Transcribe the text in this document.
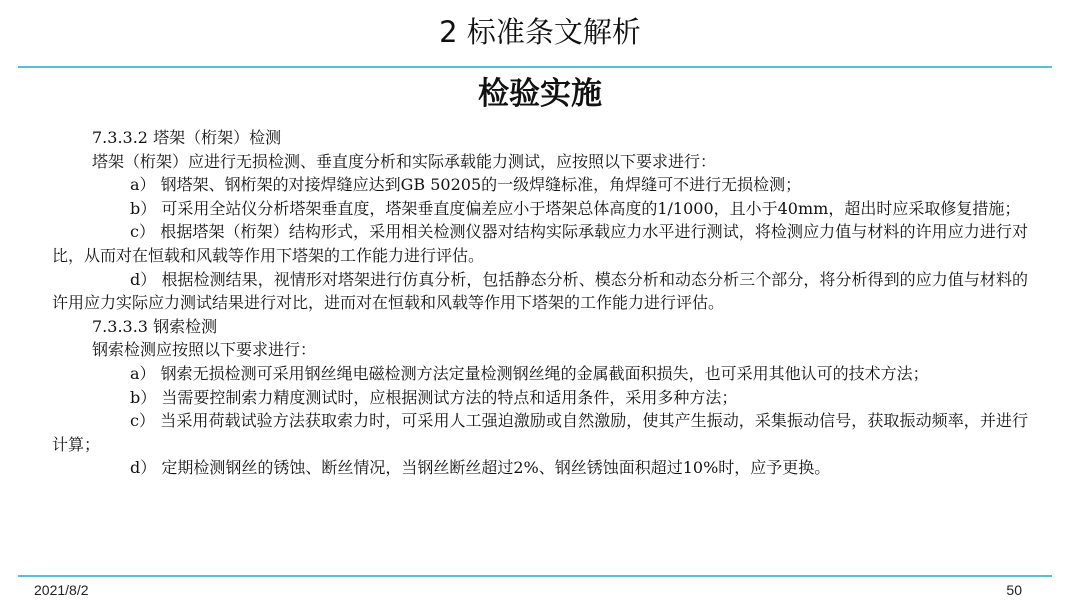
2 标准条文解析
检验实施

7.3.3.2 塔架（桁架）检测

塔架（桁架）应进行无损检测、垂直度分析和实际承载能力测试，应按照以下要求进行：

a） 钢塔架、钢桁架的对接焊缝应达到GB 50205的一级焊缝标准，角焊缝可不进行无损检测；

b） 可采用全站仪分析塔架垂直度，塔架垂直度偏差应小于塔架总体高度的1/1000，且小于40mm，超出时应采取修复措施；

c） 根据塔架（桁架）结构形式，采用相关检测仪器对结构实际承载应力水平进行测试，将检测应力值与材料的许用应力进行对比，从而对在恒载和风载等作用下塔架的工作能力进行评估。

d） 根据检测结果，视情形对塔架进行仿真分析，包括静态分析、模态分析和动态分析三个部分，将分析得到的应力值与材料的许用应力实际应力测试结果进行对比，进而对在恒载和风载等作用下塔架的工作能力进行评估。

7.3.3.3 钢索检测

钢索检测应按照以下要求进行：

a） 钢索无损检测可采用钢丝绳电磁检测方法定量检测钢丝绳的金属截面积损失，也可采用其他认可的技术方法；

b） 当需要控制索力精度测试时，应根据测试方法的特点和适用条件，采用多种方法；

c） 当采用荷载试验方法获取索力时，可采用人工强迫激励或自然激励，使其产生振动，采集振动信号，获取振动频率，并进行计算；

d） 定期检测钢丝的锈蚀、断丝情况，当钢丝断丝超过2%、钢丝锈蚀面积超过10%时，应予更换。

2021/8/2	50
